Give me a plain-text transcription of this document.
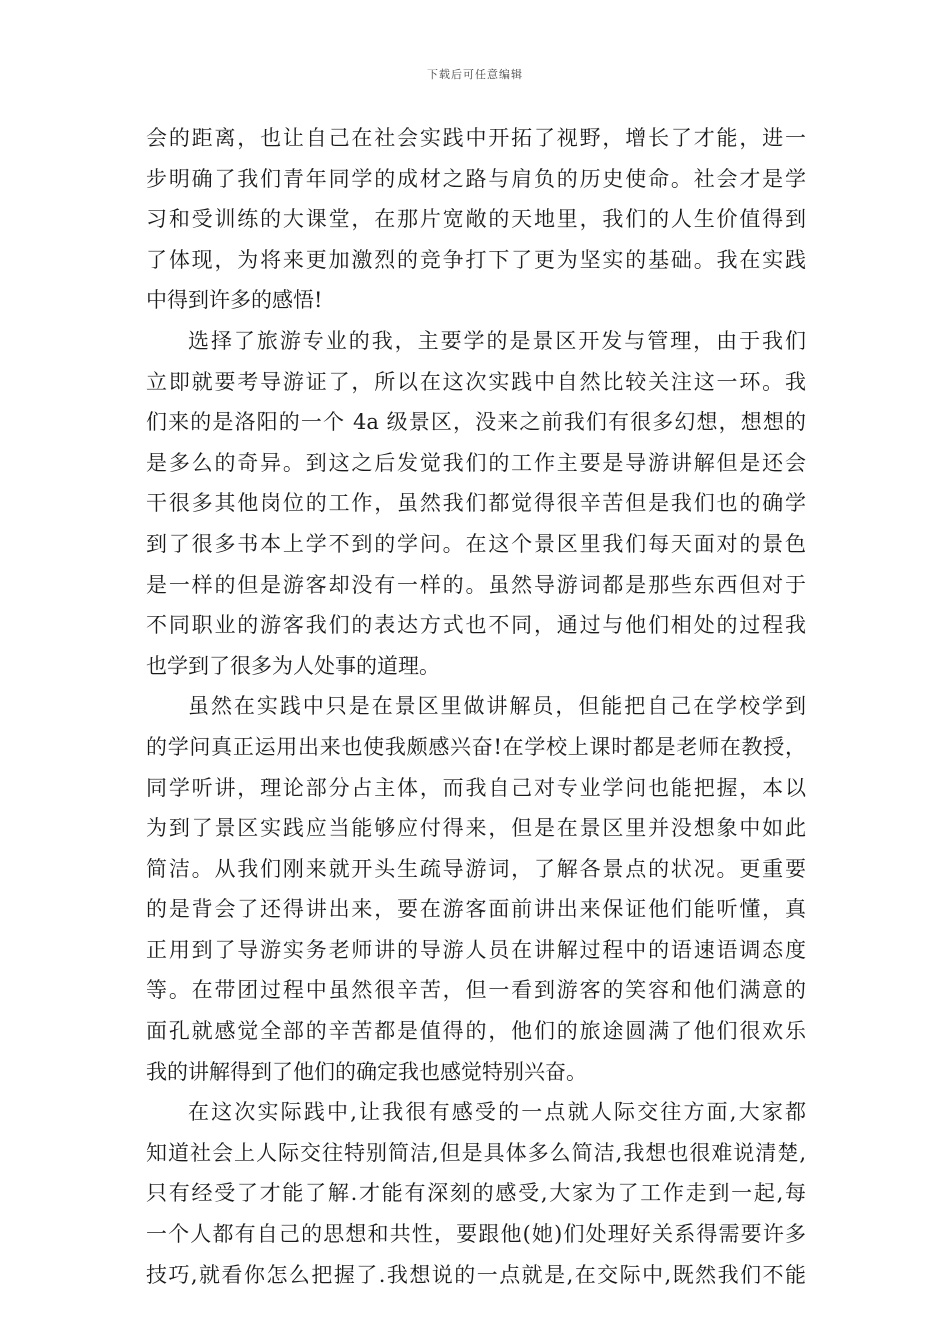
下载后可任意编辑
会的距离，也让自己在社会实践中开拓了视野，增长了才能，进一
步明确了我们青年同学的成材之路与肩负的历史使命。社会才是学
习和受训练的大课堂，在那片宽敞的天地里，我们的人生价值得到
了体现，为将来更加激烈的竞争打下了更为坚实的基础。我在实践
中得到许多的感悟!
选择了旅游专业的我，主要学的是景区开发与管理，由于我们
立即就要考导游证了，所以在这次实践中自然比较关注这一环。我
们来的是洛阳的一个 4a 级景区，没来之前我们有很多幻想，想想的
是多么的奇异。到这之后发觉我们的工作主要是导游讲解但是还会
干很多其他岗位的工作，虽然我们都觉得很辛苦但是我们也的确学
到了很多书本上学不到的学问。在这个景区里我们每天面对的景色
是一样的但是游客却没有一样的。虽然导游词都是那些东西但对于
不同职业的游客我们的表达方式也不同，通过与他们相处的过程我
也学到了很多为人处事的道理。
虽然在实践中只是在景区里做讲解员，但能把自己在学校学到
的学问真正运用出来也使我颇感兴奋!在学校上课时都是老师在教授，
同学听讲，理论部分占主体，而我自己对专业学问也能把握，本以
为到了景区实践应当能够应付得来，但是在景区里并没想象中如此
简洁。从我们刚来就开头生疏导游词，了解各景点的状况。更重要
的是背会了还得讲出来，要在游客面前讲出来保证他们能听懂，真
正用到了导游实务老师讲的导游人员在讲解过程中的语速语调态度
等。在带团过程中虽然很辛苦，但一看到游客的笑容和他们满意的
面孔就感觉全部的辛苦都是值得的，他们的旅途圆满了他们很欢乐
我的讲解得到了他们的确定我也感觉特别兴奋。
在这次实际践中,让我很有感受的一点就人际交往方面,大家都
知道社会上人际交往特别简洁,但是具体多么简洁,我想也很难说清楚,
只有经受了才能了解.才能有深刻的感受,大家为了工作走到一起,每
一个人都有自己的思想和共性，要跟他(她)们处理好关系得需要许多
技巧,就看你怎么把握了.我想说的一点就是,在交际中,既然我们不能
